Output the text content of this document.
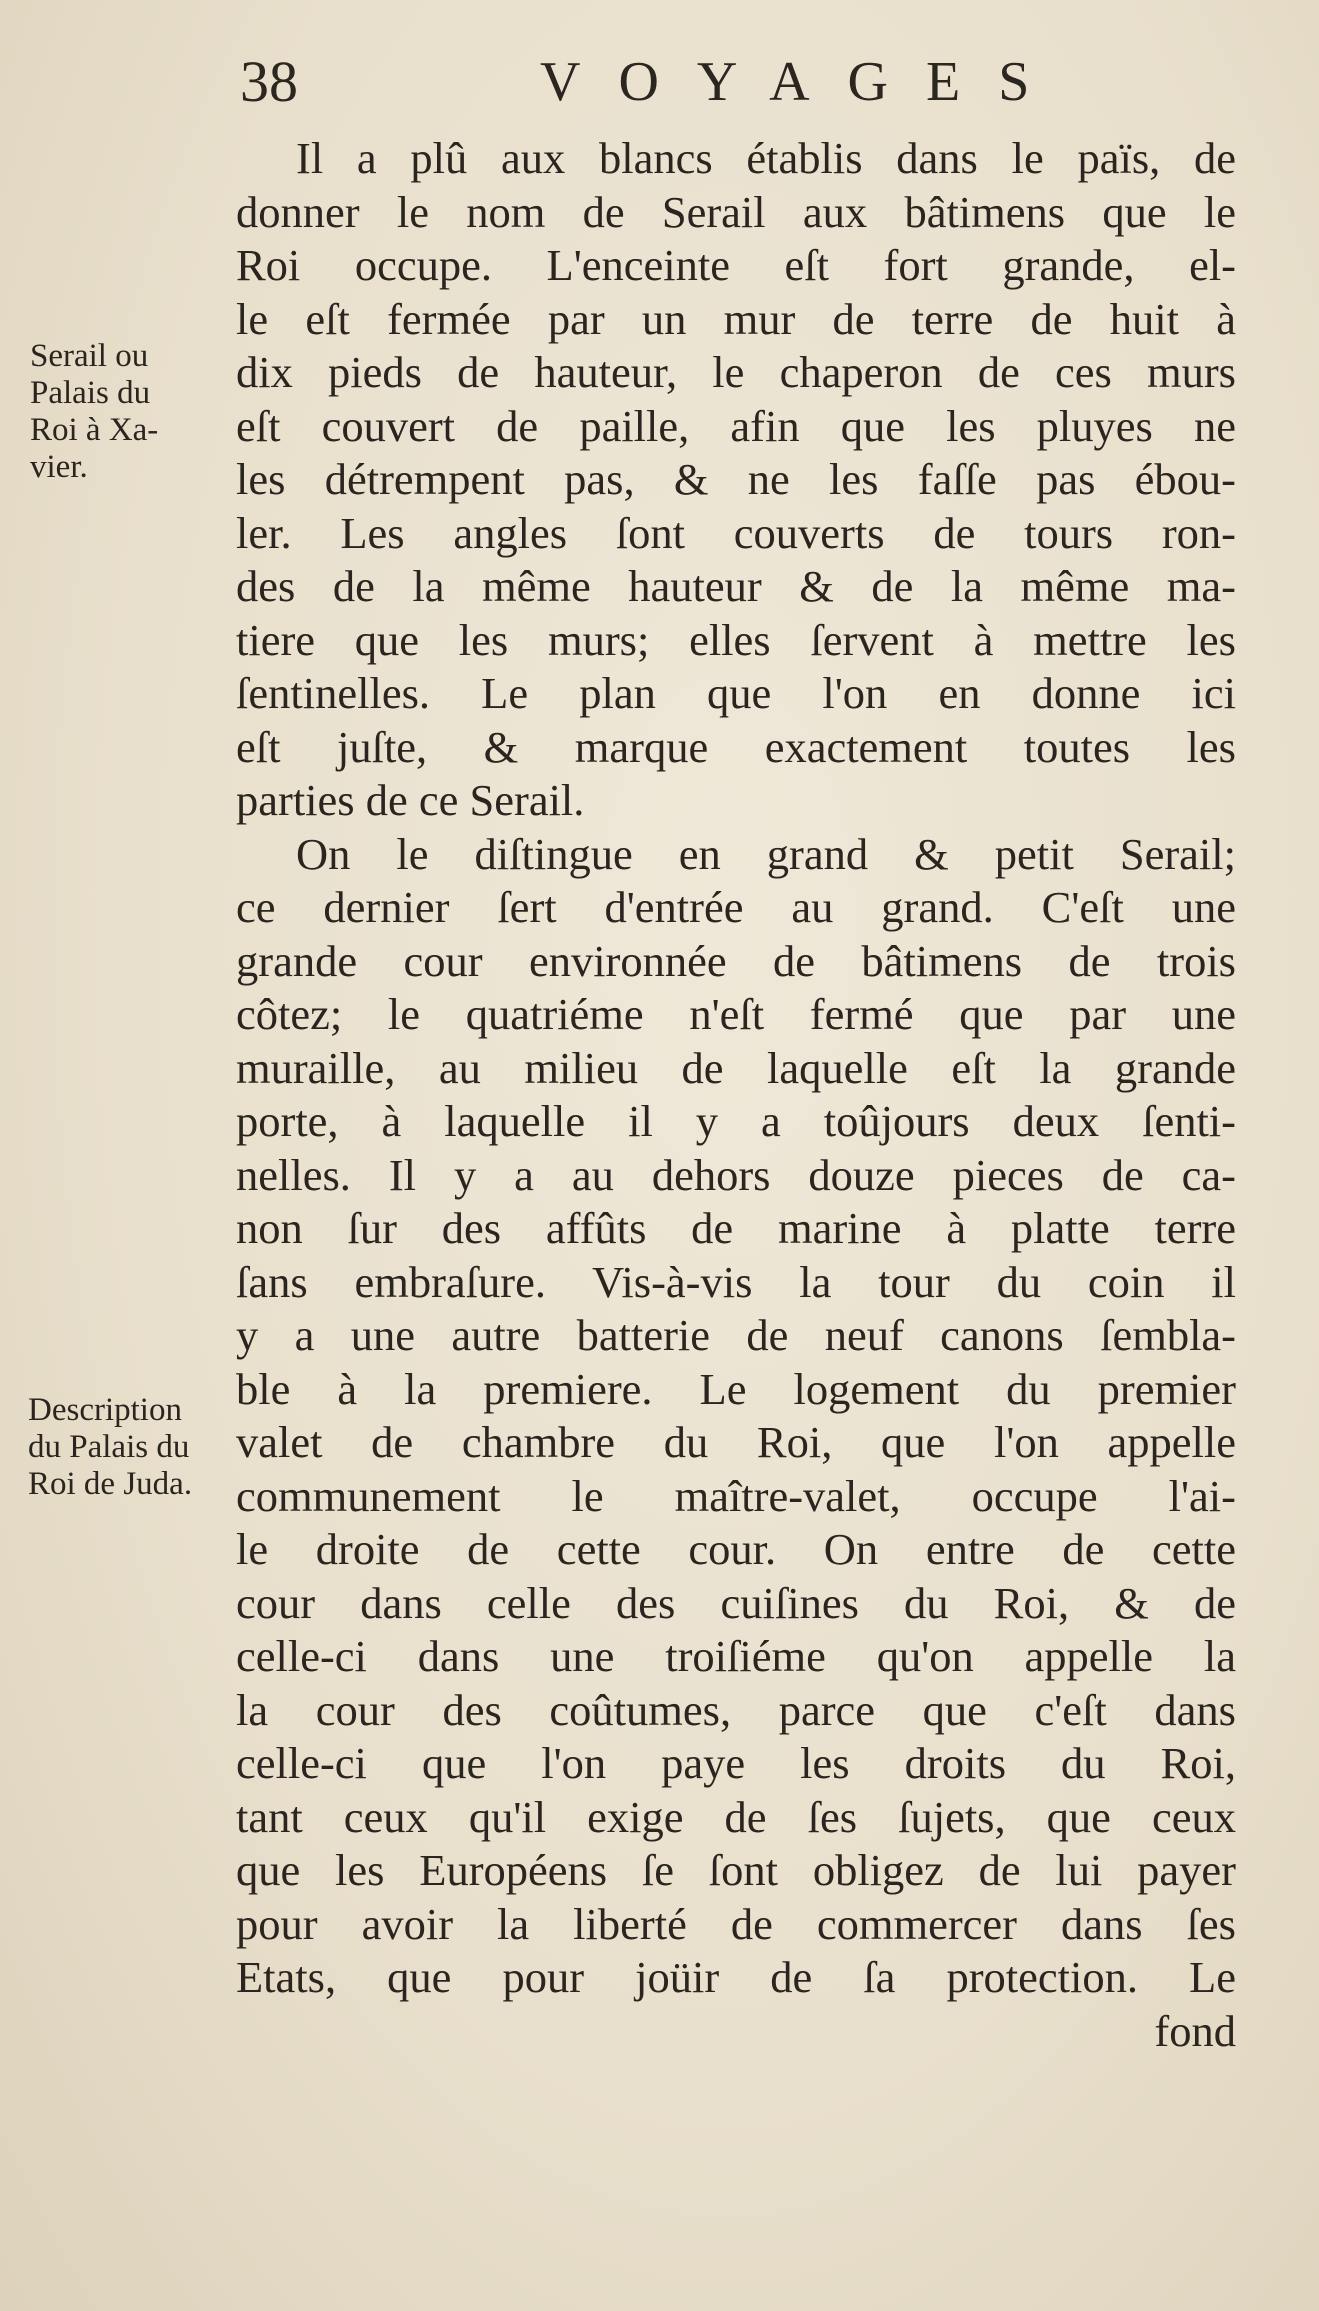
38	VOYAGES
Serail ou
Palais du
Roi à Xa-
vier.
Description
du Palais du
Roi de Juda.
Il a plû aux blancs établis dans le païs, de
donner le nom de Serail aux bâtimens que le
Roi occupe. L'enceinte eſt fort grande, el-
le eſt fermée par un mur de terre de huit à
dix pieds de hauteur, le chaperon de ces murs
eſt couvert de paille, afin que les pluyes ne
les détrempent pas, & ne les faſſe pas ébou-
ler. Les angles ſont couverts de tours ron-
des de la même hauteur & de la même ma-
tiere que les murs; elles ſervent à mettre les
ſentinelles. Le plan que l'on en donne ici
eſt juſte, & marque exactement toutes les
parties de ce Serail.
On le diſtingue en grand & petit Serail;
ce dernier ſert d'entrée au grand. C'eſt une
grande cour environnée de bâtimens de trois
côtez; le quatriéme n'eſt fermé que par une
muraille, au milieu de laquelle eſt la grande
porte, à laquelle il y a toûjours deux ſenti-
nelles. Il y a au dehors douze pieces de ca-
non ſur des affûts de marine à platte terre
ſans embraſure. Vis-à-vis la tour du coin il
y a une autre batterie de neuf canons ſembla-
ble à la premiere. Le logement du premier
valet de chambre du Roi, que l'on appelle
communement le maître-valet, occupe l'ai-
le droite de cette cour. On entre de cette
cour dans celle des cuiſines du Roi, & de
celle-ci dans une troiſiéme qu'on appelle la
la cour des coûtumes, parce que c'eſt dans
celle-ci que l'on paye les droits du Roi,
tant ceux qu'il exige de ſes ſujets, que ceux
que les Européens ſe ſont obligez de lui payer
pour avoir la liberté de commercer dans ſes
Etats, que pour joüir de ſa protection. Le
fond
